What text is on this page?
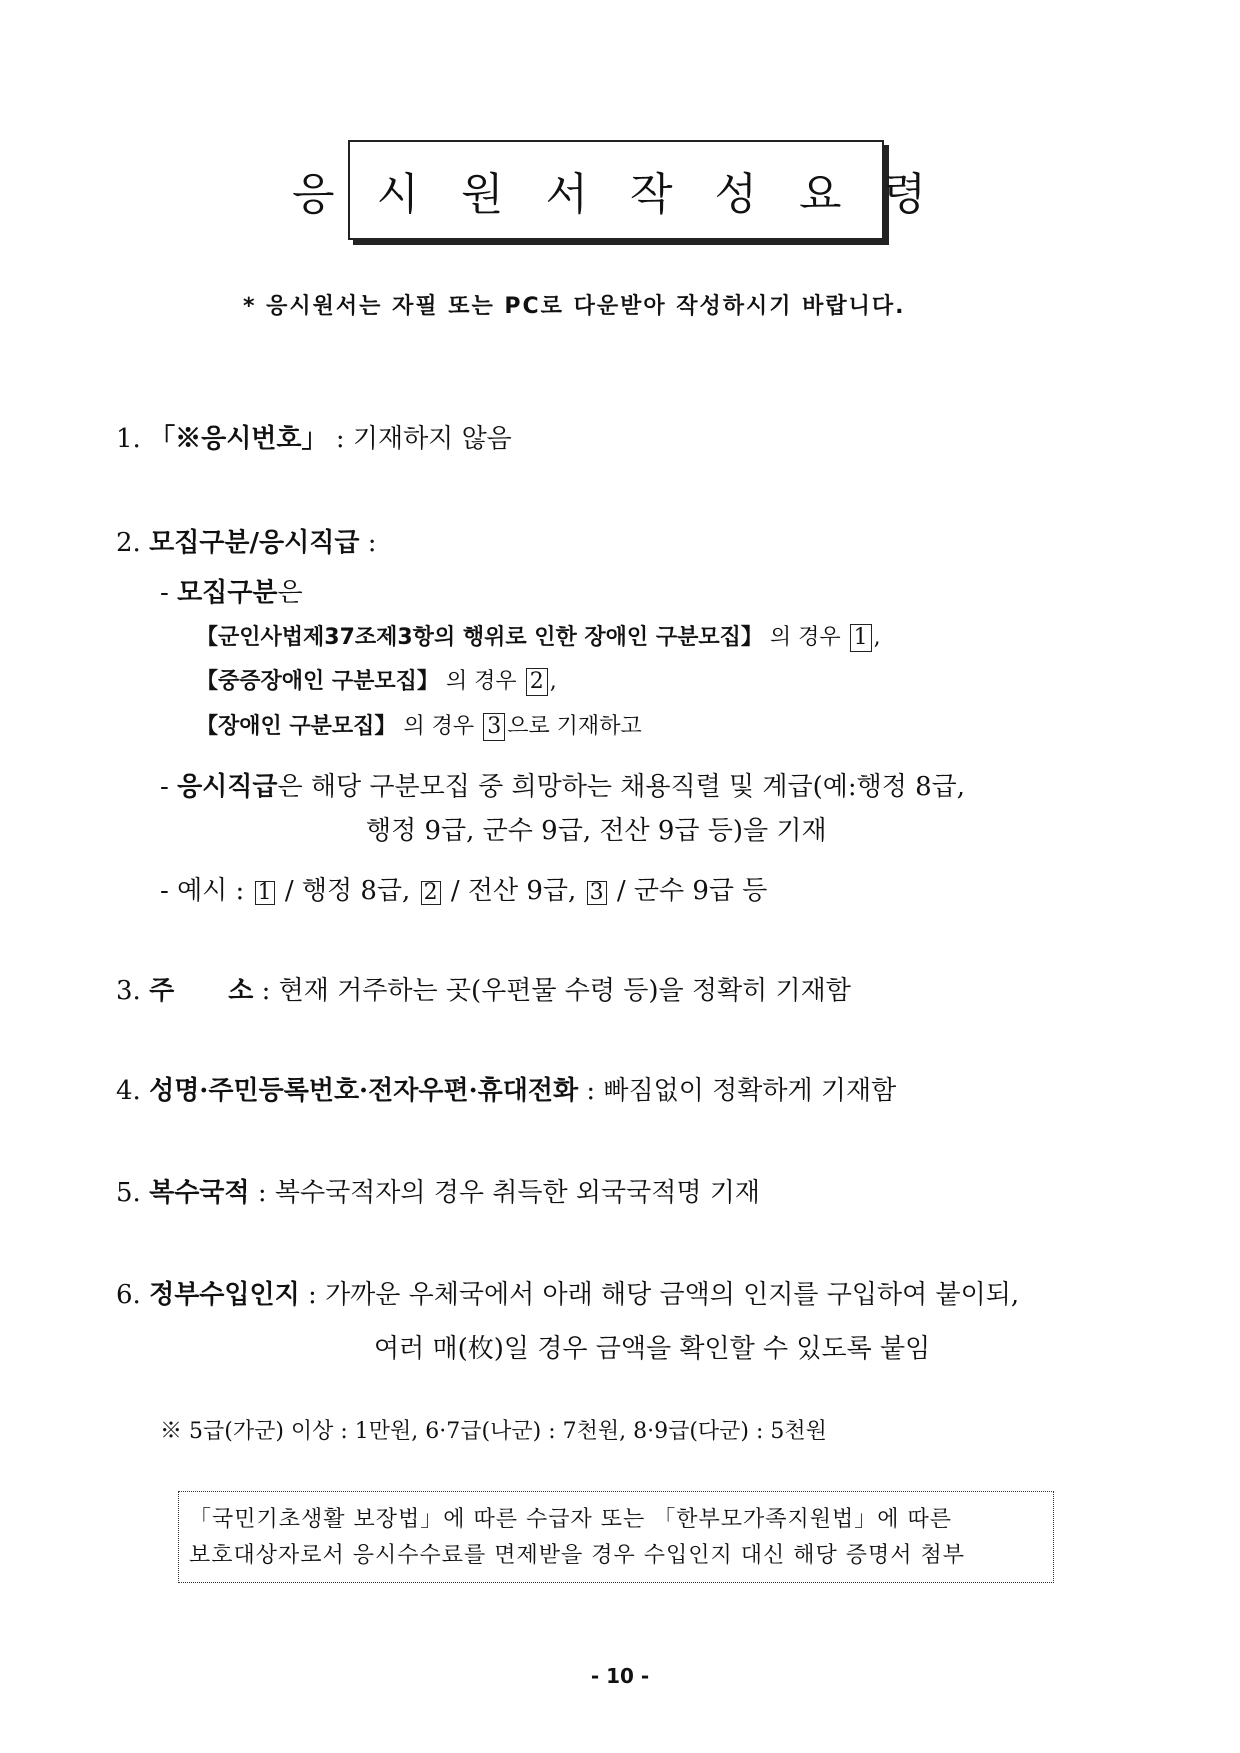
응 시 원 서 작 성 요 령
* 응시원서는 자필 또는 PC로 다운받아 작성하시기 바랍니다.
1. 「※응시번호」 : 기재하지 않음
2. 모집구분/응시직급 :
- 모집구분은
【군인사법제37조제3항의 행위로 인한 장애인 구분모집】 의 경우 1 ,
【중증장애인 구분모집】 의 경우 2 ,
【장애인 구분모집】 의 경우 3 으로 기재하고
- 응시직급은 해당 구분모집 중 희망하는 채용직렬 및 계급(예:행정 8급,
행정 9급, 군수 9급, 전산 9급 등)을 기재
- 예시 : 1 / 행정 8급, 2 / 전산 9급, 3 / 군수 9급 등
3. 주 소 : 현재 거주하는 곳(우편물 수령 등)을 정확히 기재함
4. 성명·주민등록번호·전자우편·휴대전화 : 빠짐없이 정확하게 기재함
5. 복수국적 : 복수국적자의 경우 취득한 외국국적명 기재
6. 정부수입인지 : 가까운 우체국에서 아래 해당 금액의 인지를 구입하여 붙이되,
여러 매(枚)일 경우 금액을 확인할 수 있도록 붙임
※ 5급(가군) 이상 : 1만원, 6·7급(나군) : 7천원, 8·9급(다군) : 5천원
「국민기초생활 보장법」에 따른 수급자 또는 「한부모가족지원법」에 따른
보호대상자로서 응시수수료를 면제받을 경우 수입인지 대신 해당 증명서 첨부
- 10 -
